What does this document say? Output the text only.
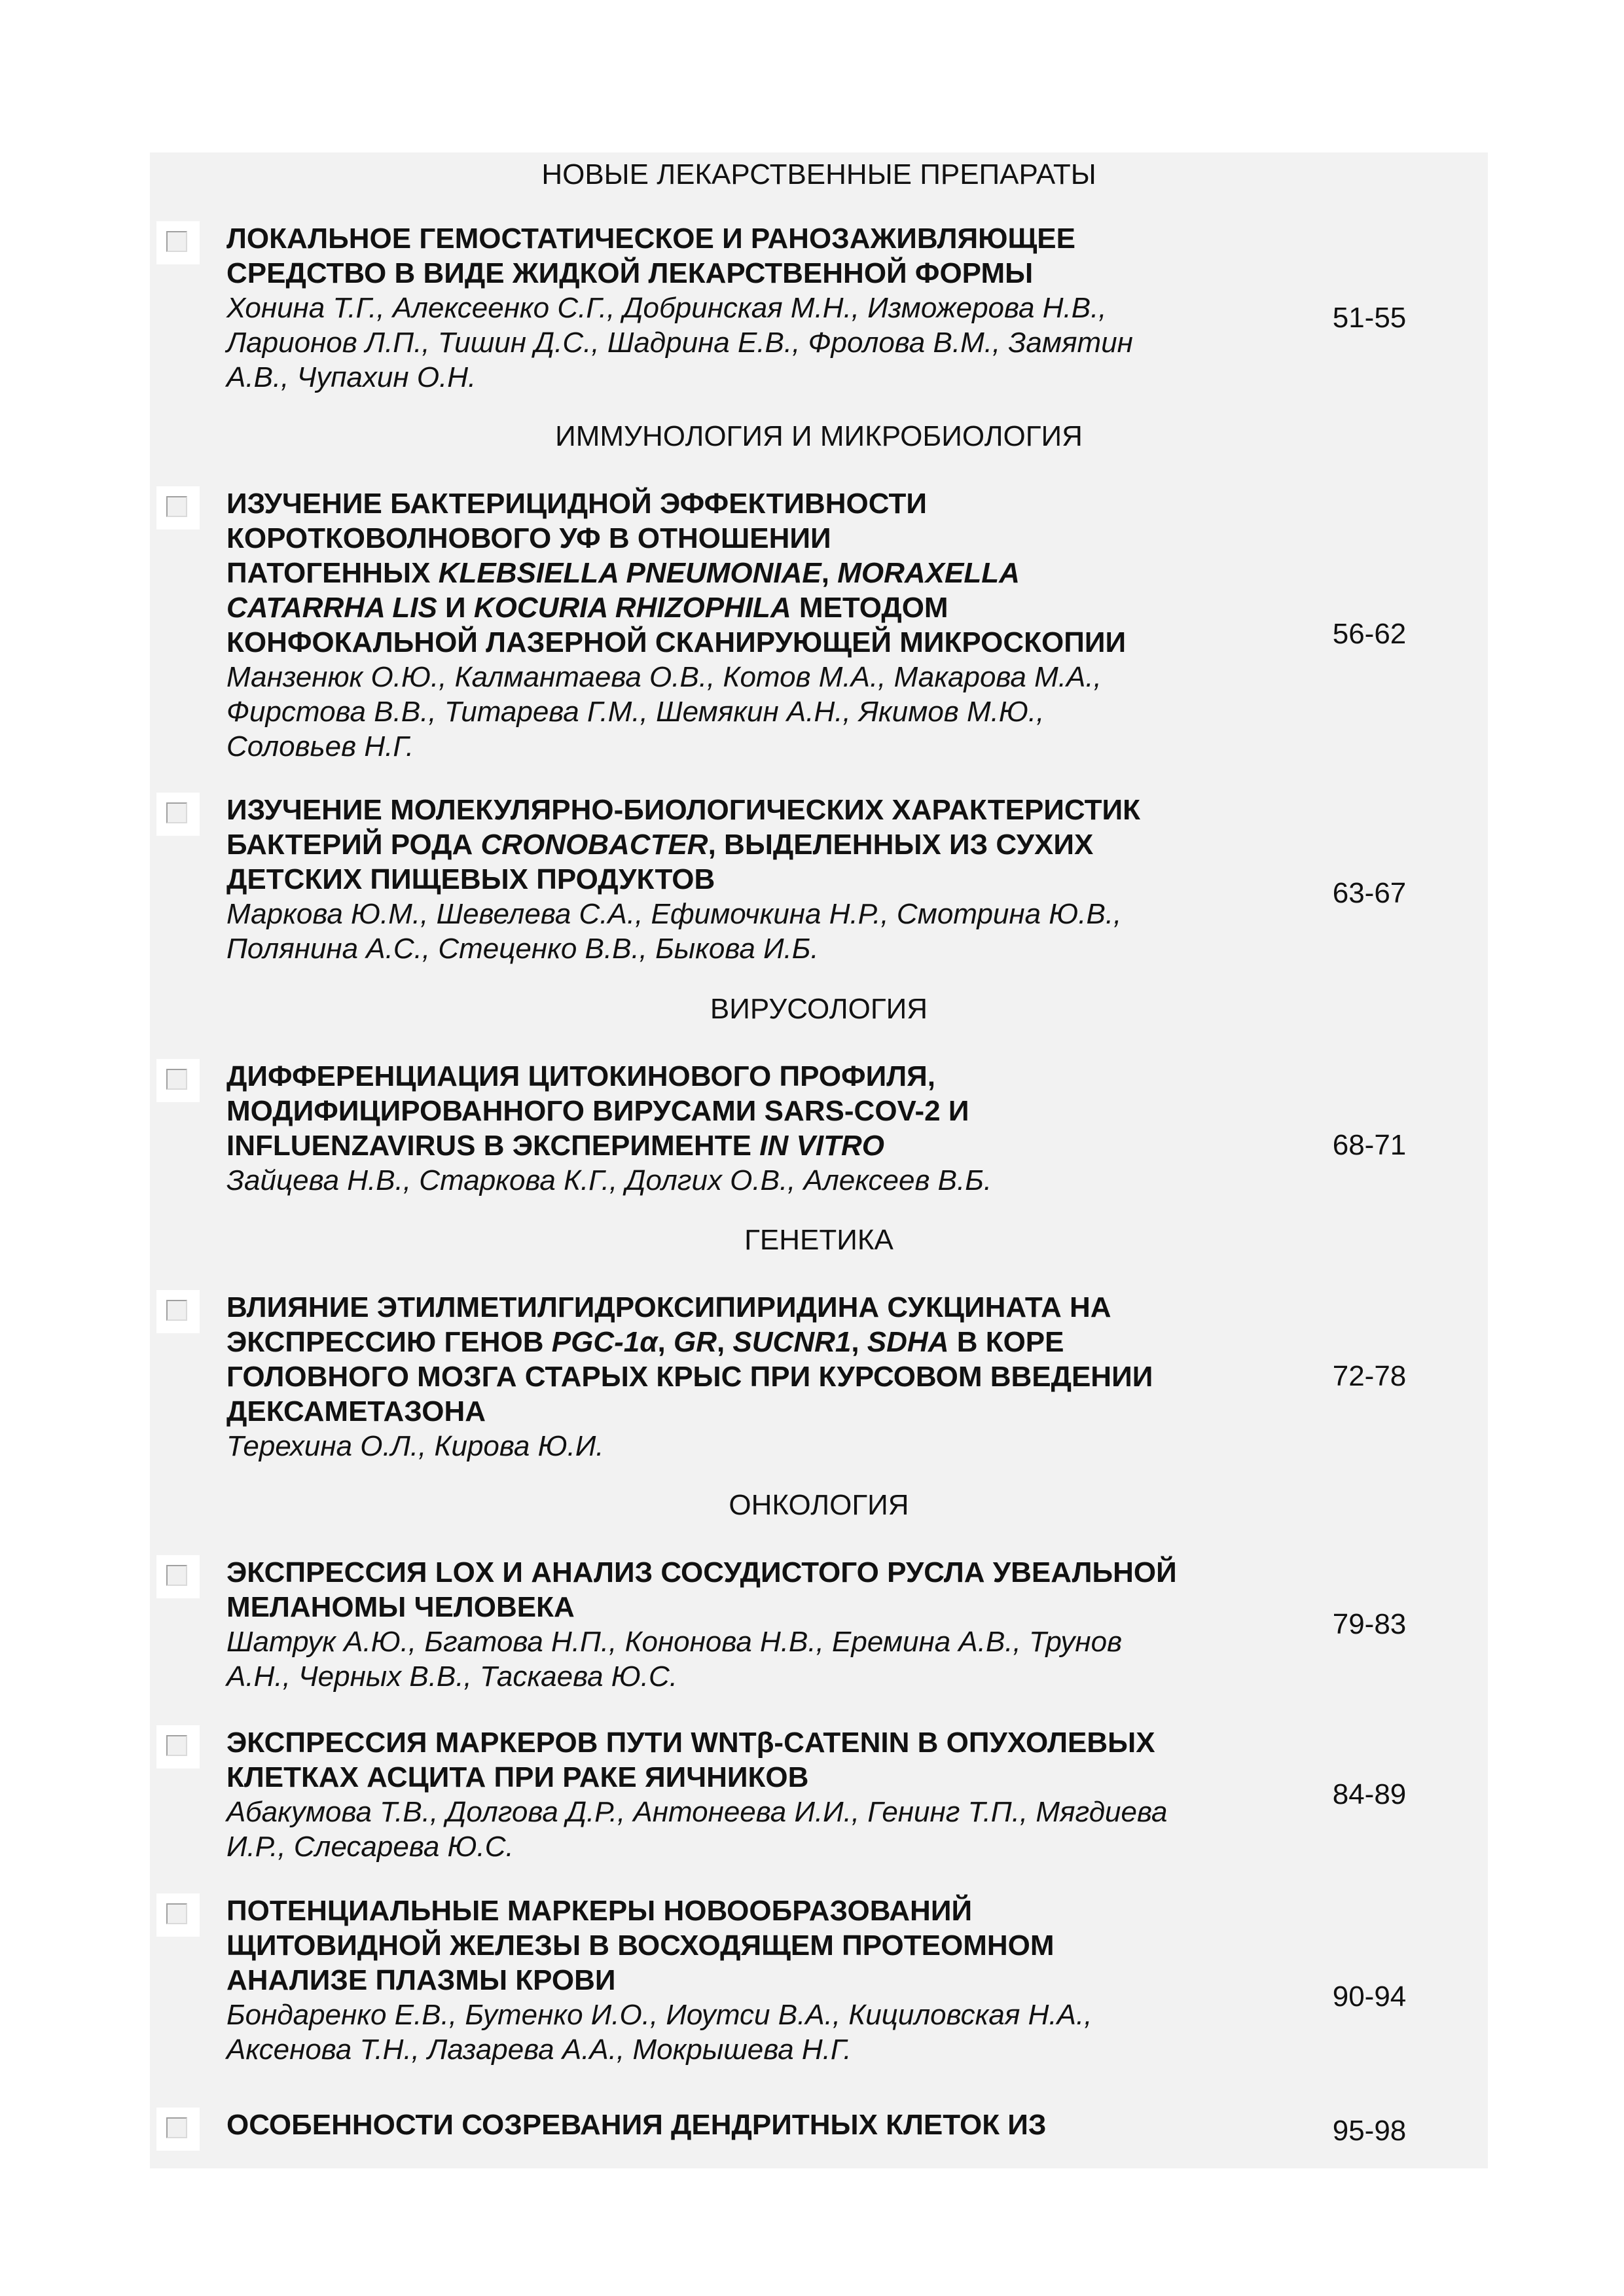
НОВЫЕ ЛЕКАРСТВЕННЫЕ ПРЕПАРАТЫ
ЛОКАЛЬНОЕ ГЕМОСТАТИЧЕСКОЕ И РАНОЗАЖИВЛЯЮЩЕЕ
СРЕДСТВО В ВИДЕ ЖИДКОЙ ЛЕКАРСТВЕННОЙ ФОРМЫ
Хонина Т.Г., Алексеенко С.Г., Добринская М.Н., Изможерова Н.В.,
Ларионов Л.П., Тишин Д.С., Шадрина Е.В., Фролова В.М., Замятин
А.В., Чупахин О.Н.
51-55
ИММУНОЛОГИЯ И МИКРОБИОЛОГИЯ
ИЗУЧЕНИЕ БАКТЕРИЦИДНОЙ ЭФФЕКТИВНОСТИ
КОРОТКОВОЛНОВОГО УФ В ОТНОШЕНИИ
ПАТОГЕННЫХ KLEBSIELLA PNEUMONIAE, MORAXELLA
CATARRHA LIS И KOCURIA RHIZOPHILA МЕТОДОМ
КОНФОКАЛЬНОЙ ЛАЗЕРНОЙ СКАНИРУЮЩЕЙ МИКРОСКОПИИ
Манзенюк О.Ю., Калмантаева О.В., Котов М.А., Макарова М.А.,
Фирстова В.В., Титарева Г.М., Шемякин А.Н., Якимов М.Ю.,
Соловьев Н.Г.
56-62
ИЗУЧЕНИЕ МОЛЕКУЛЯРНО-БИОЛОГИЧЕСКИХ ХАРАКТЕРИСТИК
БАКТЕРИЙ РОДА CRONOBACTER, ВЫДЕЛЕННЫХ ИЗ СУХИХ
ДЕТСКИХ ПИЩЕВЫХ ПРОДУКТОВ
Маркова Ю.М., Шевелева С.А., Ефимочкина Н.Р., Смотрина Ю.В.,
Полянина А.С., Стеценко В.В., Быкова И.Б.
63-67
ВИРУСОЛОГИЯ
ДИФФЕРЕНЦИАЦИЯ ЦИТОКИНОВОГО ПРОФИЛЯ,
МОДИФИЦИРОВАННОГО ВИРУСАМИ SARS-COV-2 И
INFLUENZAVIRUS В ЭКСПЕРИМЕНТЕ IN VITRO
Зайцева Н.В., Старкова К.Г., Долгих О.В., Алексеев В.Б.
68-71
ГЕНЕТИКА
ВЛИЯНИЕ ЭТИЛМЕТИЛГИДРОКСИПИРИДИНА СУКЦИНАТА НА
ЭКСПРЕССИЮ ГЕНОВ PGC-1α, GR, SUCNR1, SDHA В КОРЕ
ГОЛОВНОГО МОЗГА СТАРЫХ КРЫС ПРИ КУРСОВОМ ВВЕДЕНИИ
ДЕКСАМЕТАЗОНА
Терехина О.Л., Кирова Ю.И.
72-78
ОНКОЛОГИЯ
ЭКСПРЕССИЯ LOX И АНАЛИЗ СОСУДИСТОГО РУСЛА УВЕАЛЬНОЙ
МЕЛАНОМЫ ЧЕЛОВЕКА
Шатрук А.Ю., Бгатова Н.П., Кононова Н.В., Еремина А.В., Трунов
А.Н., Черных В.В., Таскаева Ю.С.
79-83
ЭКСПРЕССИЯ МАРКЕРОВ ПУТИ WNTβ-CATENIN В ОПУХОЛЕВЫХ
КЛЕТКАХ АСЦИТА ПРИ РАКЕ ЯИЧНИКОВ
Абакумова Т.В., Долгова Д.Р., Антонеева И.И., Генинг Т.П., Мягдиева
И.Р., Слесарева Ю.С.
84-89
ПОТЕНЦИАЛЬНЫЕ МАРКЕРЫ НОВООБРАЗОВАНИЙ
ЩИТОВИДНОЙ ЖЕЛЕЗЫ В ВОСХОДЯЩЕМ ПРОТЕОМНОМ
АНАЛИЗЕ ПЛАЗМЫ КРОВИ
Бондаренко Е.В., Бутенко И.О., Иоутси В.А., Кициловская Н.А.,
Аксенова Т.Н., Лазарева А.А., Мокрышева Н.Г.
90-94
ОСОБЕННОСТИ СОЗРЕВАНИЯ ДЕНДРИТНЫХ КЛЕТОК ИЗ	95-98
